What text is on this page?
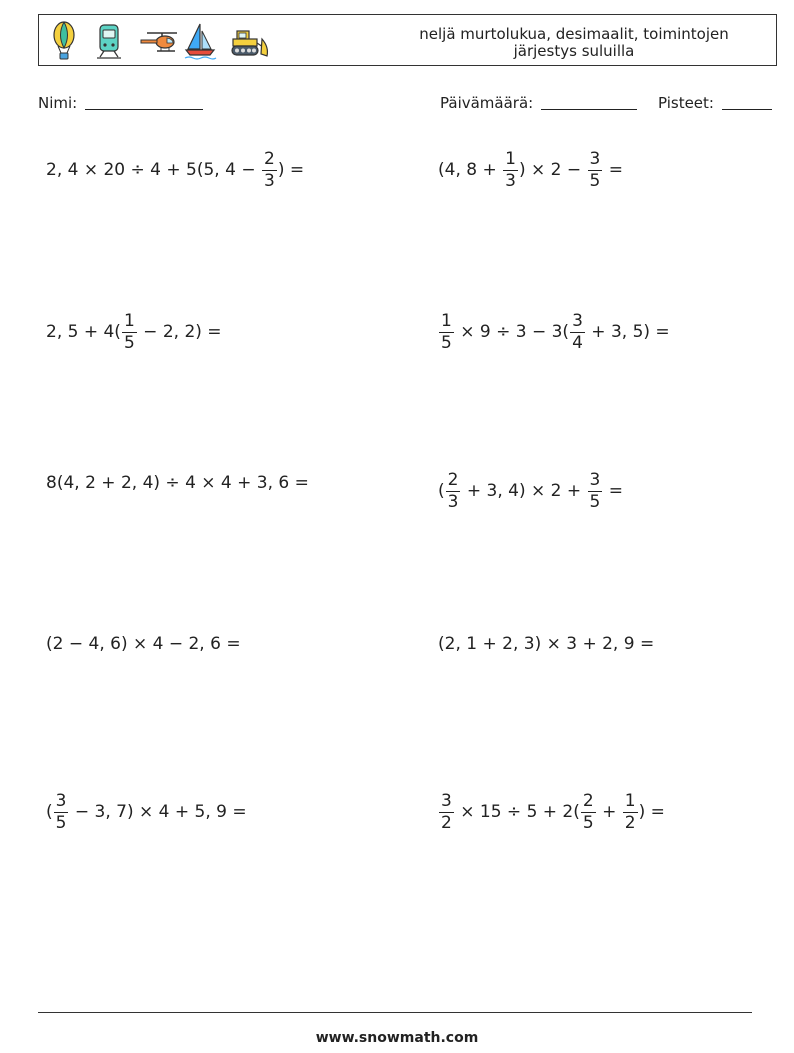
neljä murtolukua, desimaalit, toimintojen
järjestys suluilla
Nimi:	Päivämäärä:	Pisteet:
2, 4 × 20 ÷ 4 + 5(5, $4 - \frac{2}{3}$ ) =	(4, $8 + \frac{1}{3}$ ) × $2 - \frac{3}{5}$ =
2, $5 + 4( \frac{1}{5} - 2$, 2) =	$\frac{1}{5} \times 9 \div 3 - 3( \frac{3}{4} + 3$, 5) =
8(4, 2 + 2, 4) ÷ 4 × 4 + 3, 6 =	( $\frac{2}{3} + 3$, $4) \times 2 + \frac{3}{5}$ =
(2 − 4, 6) × 4 − 2, 6 =	(2, 1 + 2, 3) × 3 + 2, 9 =
( $\frac{3}{5} - 3$, 7) × 4 + 5, 9 =	$\frac{3}{2} \times 15 \div 5 + 2( \frac{2}{5} + \frac{1}{2}$ ) =
www.snowmath.com
